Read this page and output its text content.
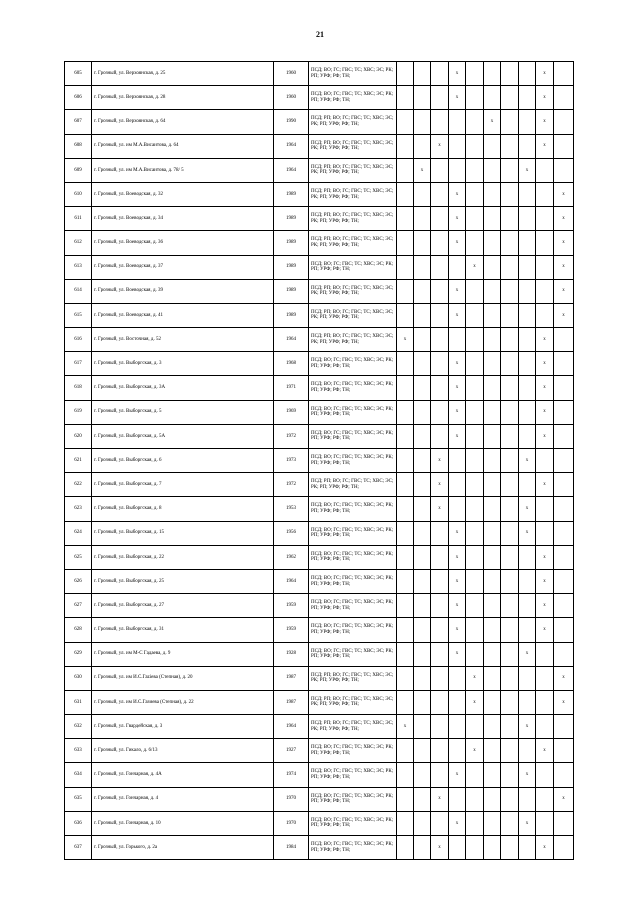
21
605	г. Грозный, ул. Верхоянская, д. 25	1960	ПСД; ВО; ГС; ГВС; ТС; ХВС; ЭС; РК; РП; УРФ; РФ; ТН;				х					х	
606	г. Грозный, ул. Верхоянская, д. 28	1960	ПСД; ВО; ГС; ГВС; ТС; ХВС; ЭС; РК; РП; УРФ; РФ; ТН;				х					х	
607	г. Грозный, ул. Верхоянская, д. 64	1990	ПСД; РП; ВО; ГС; ГВС; ТС; ХВС; ЭС; РК; РП; УРФ; РФ; ТН;						х			х	
608	г. Грозный, ул. им М.А.Висаитова, д. 64	1964	ПСД; РП; ВО; ГС; ГВС; ТС; ХВС; ЭС; РК; РП; УРФ; РФ; ТН;			х						х	
609	г. Грозный, ул. им М.А.Висаитова, д. 78/ 5	1964	ПСД; РП; ВО; ГС; ГВС; ТС; ХВС; ЭС; РК; РП; УРФ; РФ; ТН;		х						х		
610	г. Грозный, ул. Воеводская, д. 32	1989	ПСД; РП; ВО; ГС; ГВС; ТС; ХВС; ЭС; РК; РП; УРФ; РФ; ТН;				х						х
611	г. Грозный, ул. Воеводская, д. 34	1989	ПСД; РП; ВО; ГС; ГВС; ТС; ХВС; ЭС; РК; РП; УРФ; РФ; ТН;				х						х
612	г. Грозный, ул. Воеводская, д. 36	1989	ПСД; РП; ВО; ГС; ГВС; ТС; ХВС; ЭС; РК; РП; УРФ; РФ; ТН;				х						х
613	г. Грозный, ул. Воеводская, д. 37	1989	ПСД; ВО; ГС; ГВС; ТС; ХВС; ЭС; РК; РП; УРФ; РФ; ТН;					х					х
614	г. Грозный, ул. Воеводская, д. 39	1989	ПСД; РП; ВО; ГС; ГВС; ТС; ХВС; ЭС; РК; РП; УРФ; РФ; ТН;				х						х
615	г. Грозный, ул. Воеводская, д. 41	1989	ПСД; РП; ВО; ГС; ГВС; ТС; ХВС; ЭС; РК; РП; УРФ; РФ; ТН;				х						х
616	г. Грозный, ул. Восточная, д. 52	1964	ПСД; РП; ВО; ГС; ГВС; ТС; ХВС; ЭС; РК; РП; УРФ; РФ; ТН;	х								х	
617	г. Грозный, ул. Выборгская, д. 3	1968	ПСД; ВО; ГС; ГВС; ТС; ХВС; ЭС; РК; РП; УРФ; РФ; ТН;				х					х	
618	г. Грозный, ул. Выборгская, д. 3А	1971	ПСД; ВО; ГС; ГВС; ТС; ХВС; ЭС; РК; РП; УРФ; РФ; ТН;				х					х	
619	г. Грозный, ул. Выборгская, д. 5	1969	ПСД; ВО; ГС; ГВС; ТС; ХВС; ЭС; РК; РП; УРФ; РФ; ТН;				х					х	
620	г. Грозный, ул. Выборгская, д. 5А	1972	ПСД; ВО; ГС; ГВС; ТС; ХВС; ЭС; РК; РП; УРФ; РФ; ТН;				х					х	
621	г. Грозный, ул. Выборгская, д. 6	1973	ПСД; ВО; ГС; ГВС; ТС; ХВС; ЭС; РК; РП; УРФ; РФ; ТН;			х					х		
622	г. Грозный, ул. Выборгская, д. 7	1972	ПСД; РП; ВО; ГС; ГВС; ТС; ХВС; ЭС; РК; РП; УРФ; РФ; ТН;			х						х	
623	г. Грозный, ул. Выборгская, д. 8	1953	ПСД; ВО; ГС; ГВС; ТС; ХВС; ЭС; РК; РП; УРФ; РФ; ТН;			х					х		
624	г. Грозный, ул. Выборгская, д. 15	1956	ПСД; ВО; ГС; ГВС; ТС; ХВС; ЭС; РК; РП; УРФ; РФ; ТН;				х				х		
625	г. Грозный, ул. Выборгская, д. 22	1962	ПСД; ВО; ГС; ГВС; ТС; ХВС; ЭС; РК; РП; УРФ; РФ; ТН;				х					х	
626	г. Грозный, ул. Выборгская, д. 25	1964	ПСД; ВО; ГС; ГВС; ТС; ХВС; ЭС; РК; РП; УРФ; РФ; ТН;				х					х	
627	г. Грозный, ул. Выборгская, д. 27	1959	ПСД; ВО; ГС; ГВС; ТС; ХВС; ЭС; РК; РП; УРФ; РФ; ТН;				х					х	
628	г. Грозный, ул. Выборгская, д. 31	1959	ПСД; ВО; ГС; ГВС; ТС; ХВС; ЭС; РК; РП; УРФ; РФ; ТН;				х					х	
629	г. Грозный, ул. им М-С Гадаева, д. 9	1928	ПСД; ВО; ГС; ГВС; ТС; ХВС; ЭС; РК; РП; УРФ; РФ; ТН;				х				х		
630	г. Грозный, ул. им И.С.Гаziева (Степная), д. 20	1987	ПСД; РП; ВО; ГС; ГВС; ТС; ХВС; ЭС; РК; РП; УРФ; РФ; ТН;					х					х
631	г. Грозный, ул. им И.С.Газиева (Степная), д. 22	1987	ПСД; РП; ВО; ГС; ГВС; ТС; ХВС; ЭС; РК; РП; УРФ; РФ; ТН;					х					х
632	г. Грозный, ул. Гвардейская, д. 3	1964	ПСД; РП; ВО; ГС; ГВС; ТС; ХВС; ЭС; РК; РП; УРФ; РФ; ТН;	х							х		
633	г. Грозный, ул. Гикало, д. 6/13	1927	ПСД; ВО; ГС; ГВС; ТС; ХВС; ЭС; РК; РП; УРФ; РФ; ТН;					х				х	
634	г. Грозный, ул. Гончарная, д. 4А	1974	ПСД; ВО; ГС; ГВС; ТС; ХВС; ЭС; РК; РП; УРФ; РФ; ТН;				х				х		
635	г. Грозный, ул. Гончарная, д. 4	1970	ПСД; ВО; ГС; ГВС; ТС; ХВС; ЭС; РК; РП; УРФ; РФ; ТН;			х							х
636	г. Грозный, ул. Гончарная, д. 10	1970	ПСД; ВО; ГС; ГВС; ТС; ХВС; ЭС; РК; РП; УРФ; РФ; ТН;				х				х		
637	г. Грозный, ул. Горького, д. 2а	1984	ПСД; ВО; ГС; ГВС; ТС; ХВС; ЭС; РК; РП; УРФ; РФ; ТН;			х						х	
